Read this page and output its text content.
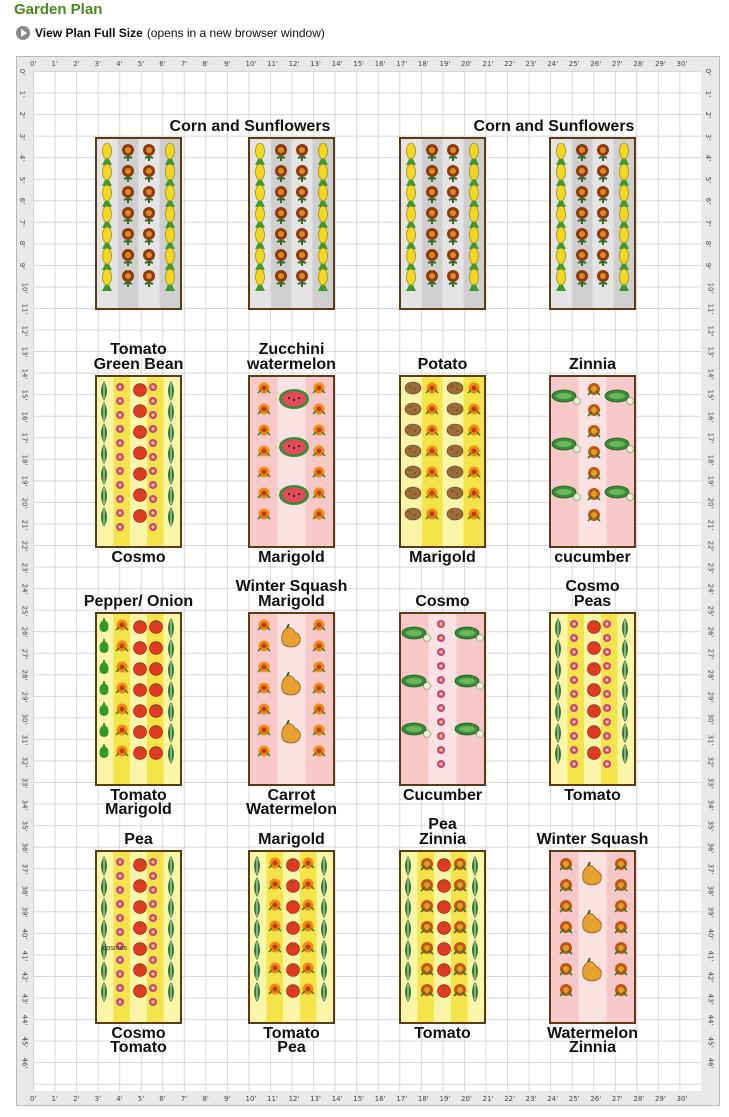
Garden Plan
View Plan Full Size (opens in a new browser window)
0'
0'
1'
1'
2'
2'
3'
3'
4'
4'
5'
5'
6'
6'
7'
7'
8'
8'
9'
9'
10'
10'
11'
11'
12'
12'
13'
13'
14'
14'
15'
15'
16'
16'
17'
17'
18'
18'
19'
19'
20'
20'
21'
21'
22'
22'
23'
23'
24'
24'
25'
25'
26'
26'
27'
27'
28'
28'
29'
29'
30'
30'
0'	0'
1'	1'
2'	2'
3'	3'
4'	4'
5'	5'
6'	6'
7'	7'
8'	8'
9'	9'
10'	10'
11'	11'
12'	12'
13'	13'
14'	14'
15'	15'
16'	16'
17'	17'
18'	18'
19'	19'
20'	20'
21'	21'
22'	22'
23'	23'
24'	24'
25'	25'
26'	26'
27'	27'
28'	28'
29'	29'
30'	30'
31'	31'
32'	32'
33'	33'
34'	34'
35'	35'
36'	36'
37'	37'
38'	38'
39'	39'
40'	40'
41'	41'
42'	42'
43'	43'
44'	44'
45'	45'
46'	46'
Corn and Sunflowers	Corn and Sunflowers
Tomato
Green Bean
Cosmo
Zucchini
watermelon
Marigold
Potato
Marigold
Zinnia
cucumber
Pepper/ Onion
Tomato
Marigold
Winter Squash
Marigold
Carrot
Watermelon
Cosmo
Cucumber
Cosmo
Peas
Tomato
Pea
Cosmo
Tomato
cosmos
Marigold
Tomato
Pea
Pea
Zinnia
Tomato
Winter Squash
Watermelon
Zinnia
